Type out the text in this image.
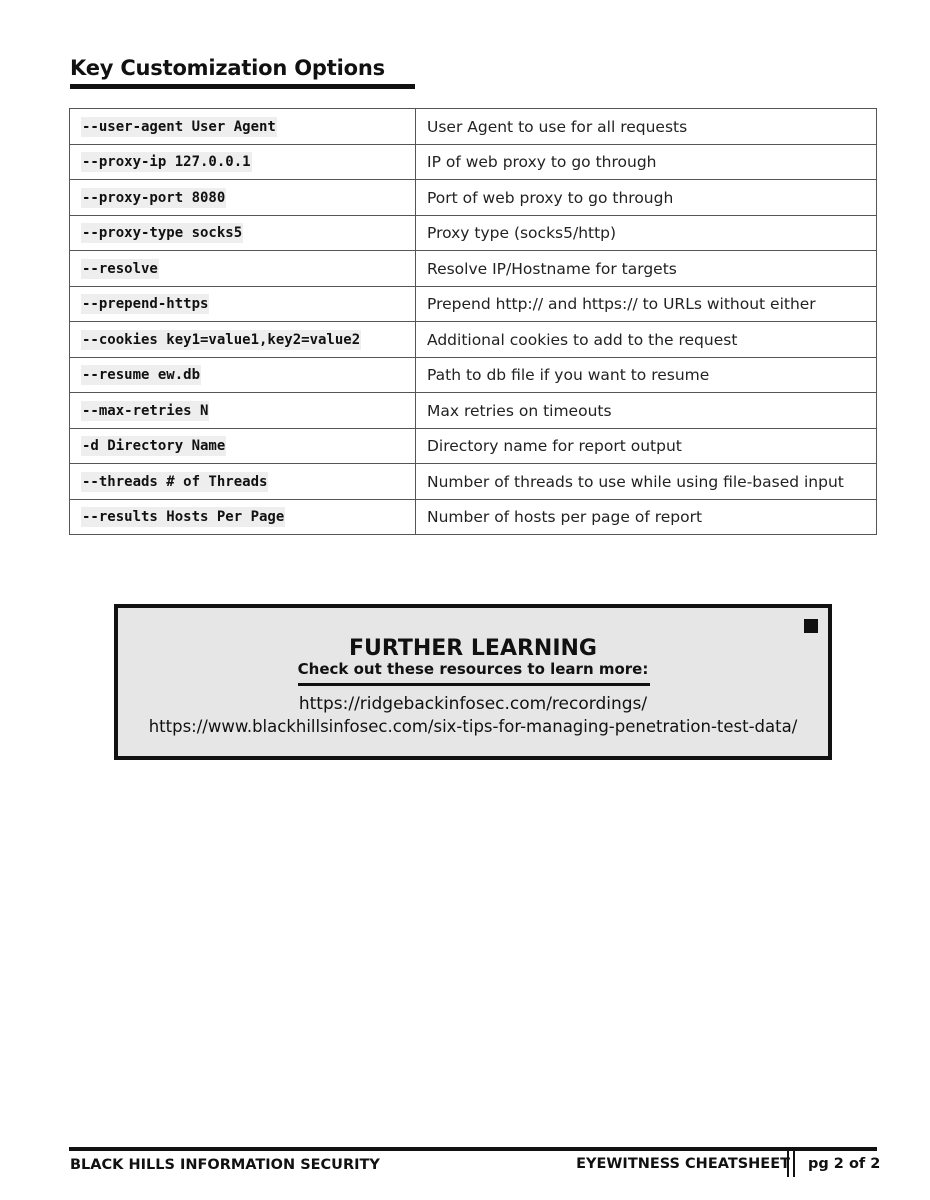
Key Customization Options
--user-agent User Agent	User Agent to use for all requests
--proxy-ip 127.0.0.1	IP of web proxy to go through
--proxy-port 8080	Port of web proxy to go through
--proxy-type socks5	Proxy type (socks5/http)
--resolve	Resolve IP/Hostname for targets
--prepend-https	Prepend http:// and https:// to URLs without either
--cookies key1=value1,key2=value2	Additional cookies to add to the request
--resume ew.db	Path to db file if you want to resume
--max-retries N	Max retries on timeouts
-d Directory Name	Directory name for report output
--threads # of Threads	Number of threads to use while using file-based input
--results Hosts Per Page	Number of hosts per page of report
FURTHER LEARNING
Check out these resources to learn more:
https://ridgebackinfosec.com/recordings/
https://www.blackhillsinfosec.com/six-tips-for-managing-penetration-test-data/
BLACK HILLS INFORMATION SECURITY	EYEWITNESS CHEATSHEET pg 2 of 2
